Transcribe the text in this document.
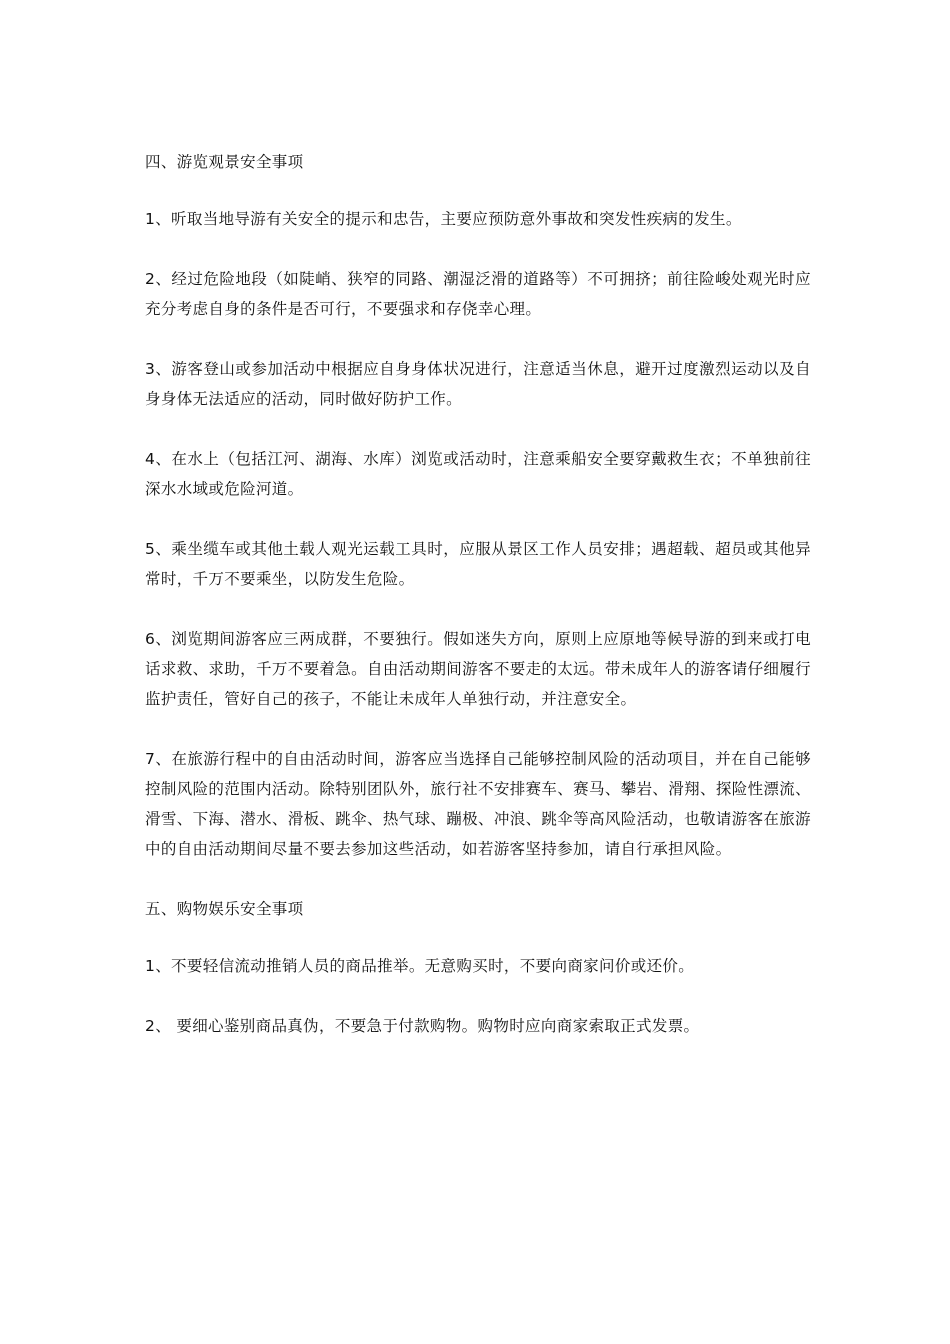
四、游览观景安全事项

1、听取当地导游有关安全的提示和忠告，主要应预防意外事故和突发性疾病的发生。

2、经过危险地段（如陡峭、狭窄的同路、潮湿泛滑的道路等）不可拥挤；前往险峻处观光时应充分考虑自身的条件是否可行，不要强求和存侥幸心理。

3、游客登山或参加活动中根据应自身身体状况进行，注意适当休息，避开过度激烈运动以及自身身体无法适应的活动，同时做好防护工作。

4、在水上（包括江河、湖海、水库）浏览或活动时，注意乘船安全要穿戴救生衣；不单独前往深水水域或危险河道。

5、乘坐缆车或其他土载人观光运载工具时，应服从景区工作人员安排；遇超载、超员或其他异常时，千万不要乘坐，以防发生危险。

6、浏览期间游客应三两成群，不要独行。假如迷失方向，原则上应原地等候导游的到来或打电话求救、求助，千万不要着急。自由活动期间游客不要走的太远。带未成年人的游客请仔细履行监护责任，管好自己的孩子，不能让未成年人单独行动，并注意安全。

7、在旅游行程中的自由活动时间，游客应当选择自己能够控制风险的活动项目，并在自己能够控制风险的范围内活动。除特别团队外，旅行社不安排赛车、赛马、攀岩、滑翔、探险性漂流、滑雪、下海、潜水、滑板、跳伞、热气球、蹦极、冲浪、跳伞等高风险活动，也敬请游客在旅游中的自由活动期间尽量不要去参加这些活动，如若游客坚持参加，请自行承担风险。

五、购物娱乐安全事项

1、不要轻信流动推销人员的商品推举。无意购买时，不要向商家问价或还价。

2、 要细心鉴别商品真伪，不要急于付款购物。购物时应向商家索取正式发票。
